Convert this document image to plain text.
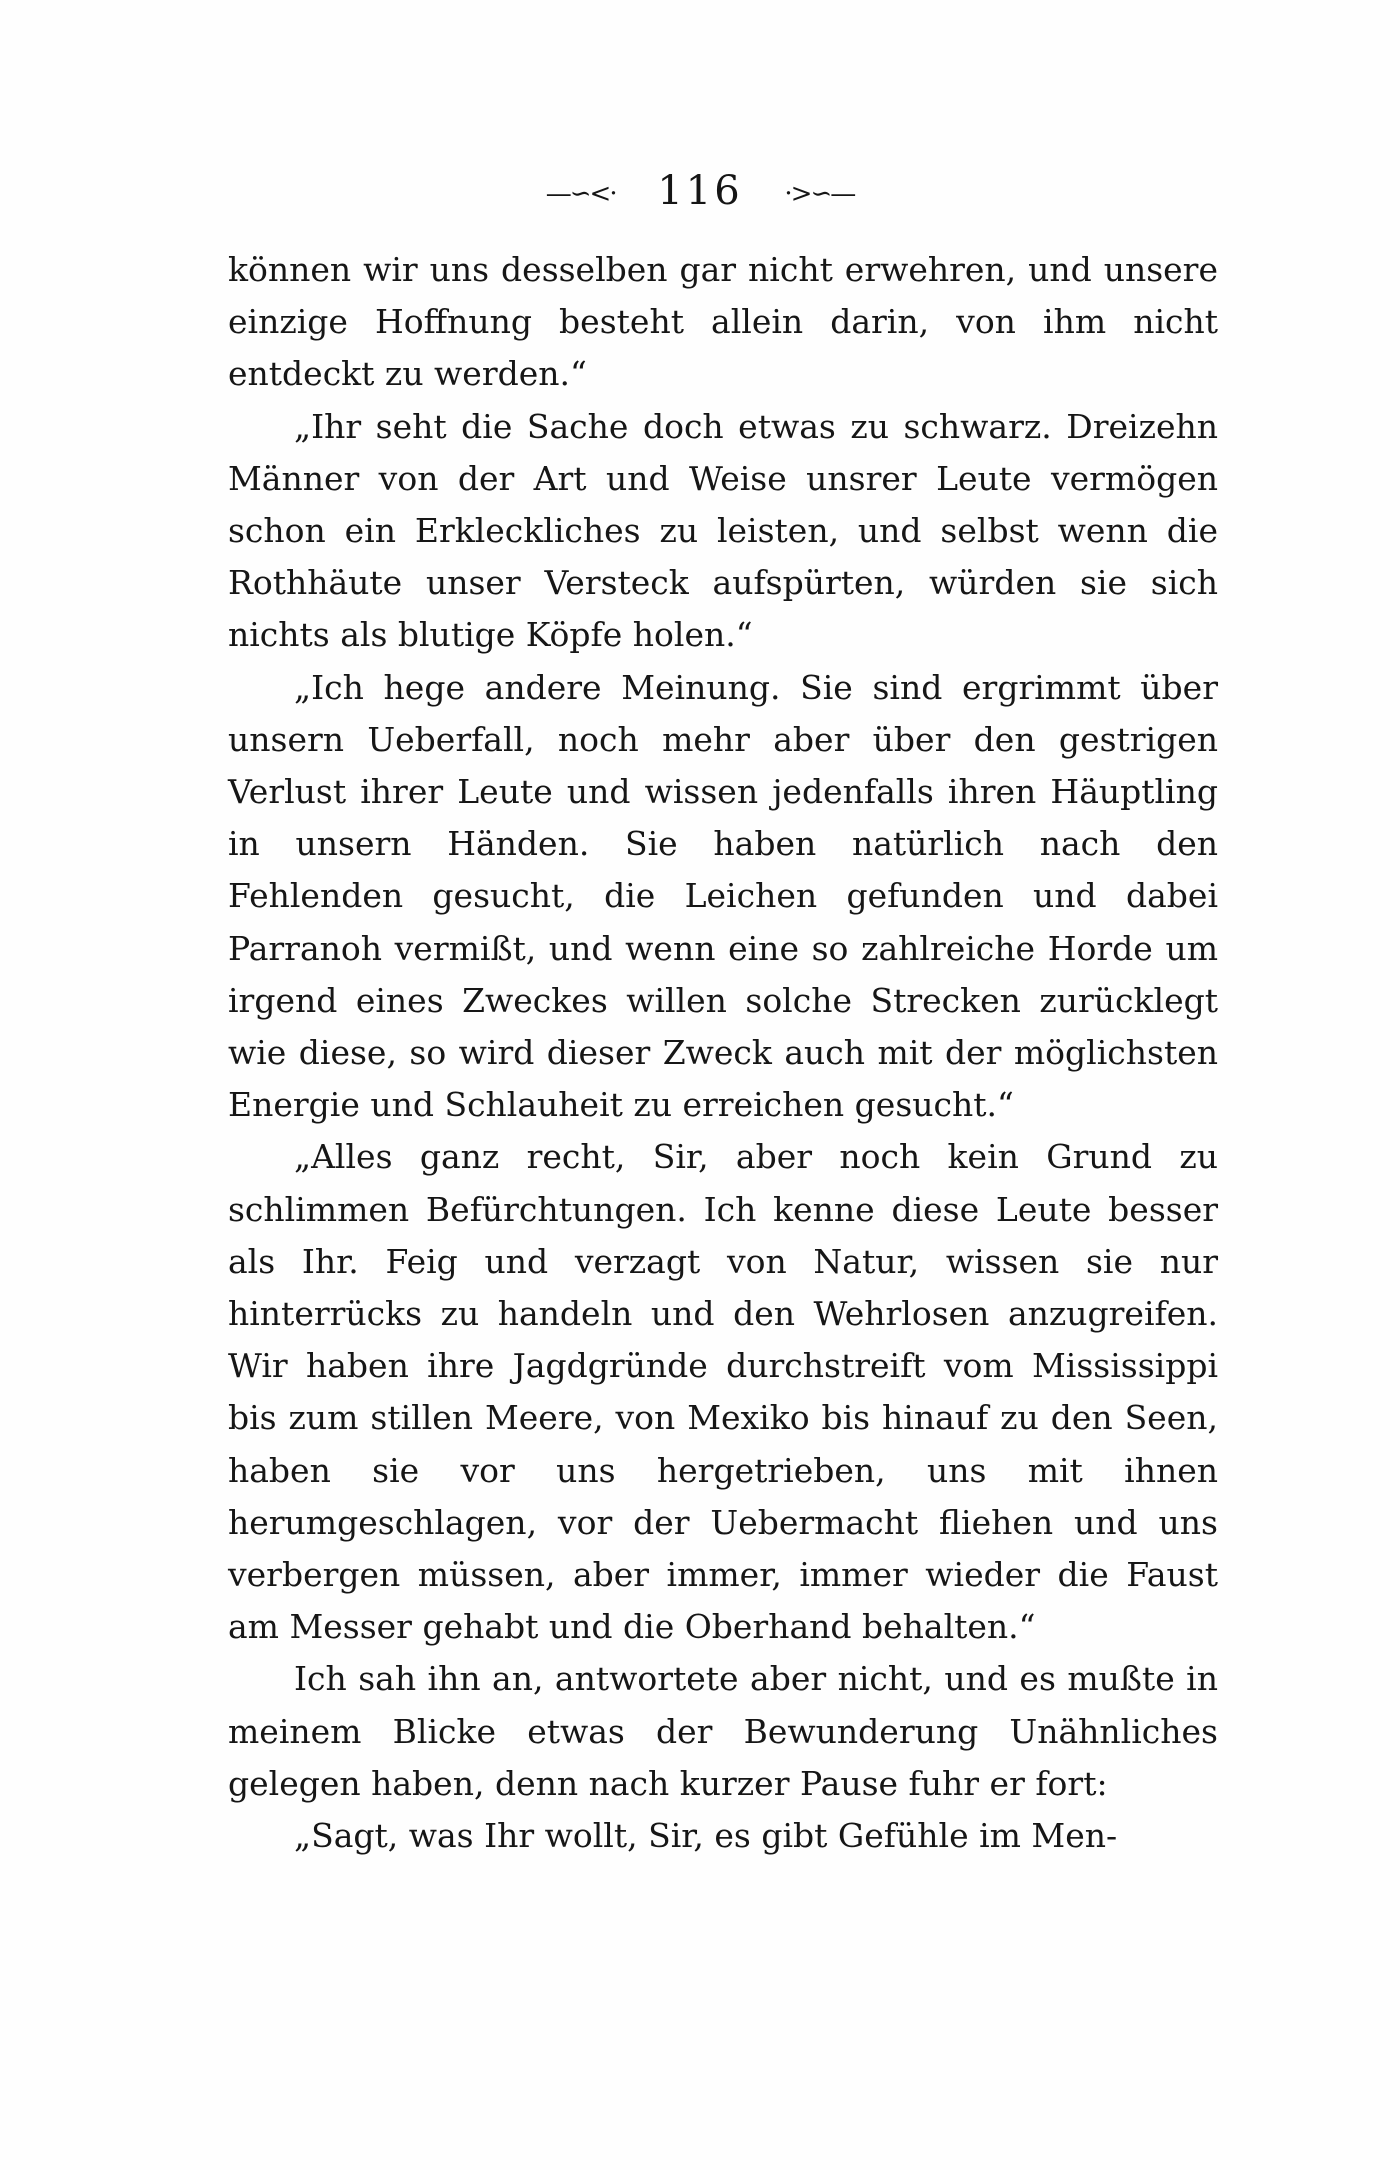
—∽<· 116 ·>∽—

können wir uns desselben gar nicht erwehren, und unsere einzige Hoffnung besteht allein darin, von ihm nicht entdeckt zu werden.“

„Ihr seht die Sache doch etwas zu schwarz. Dreizehn Männer von der Art und Weise unsrer Leute vermögen schon ein Erkleckliches zu leisten, und selbst wenn die Rothhäute unser Versteck aufspürten, würden sie sich nichts als blutige Köpfe holen.“

„Ich hege andere Meinung. Sie sind ergrimmt über unsern Ueberfall, noch mehr aber über den gestrigen Verlust ihrer Leute und wissen jedenfalls ihren Häuptling in unsern Händen. Sie haben natürlich nach den Fehlenden gesucht, die Leichen gefunden und dabei Parranoh vermißt, und wenn eine so zahlreiche Horde um irgend eines Zweckes willen solche Strecken zurücklegt wie diese, so wird dieser Zweck auch mit der möglichsten Energie und Schlauheit zu erreichen gesucht.“

„Alles ganz recht, Sir, aber noch kein Grund zu schlimmen Befürchtungen. Ich kenne diese Leute besser als Ihr. Feig und verzagt von Natur, wissen sie nur hinterrücks zu handeln und den Wehrlosen anzugreifen. Wir haben ihre Jagdgründe durchstreift vom Mississippi bis zum stillen Meere, von Mexiko bis hinauf zu den Seen, haben sie vor uns hergetrieben, uns mit ihnen herumgeschlagen, vor der Uebermacht fliehen und uns verbergen müssen, aber immer, immer wieder die Faust am Messer gehabt und die Oberhand behalten.“

Ich sah ihn an, antwortete aber nicht, und es mußte in meinem Blicke etwas der Bewunderung Unähnliches gelegen haben, denn nach kurzer Pause fuhr er fort:

„Sagt, was Ihr wollt, Sir, es gibt Gefühle im Men-
